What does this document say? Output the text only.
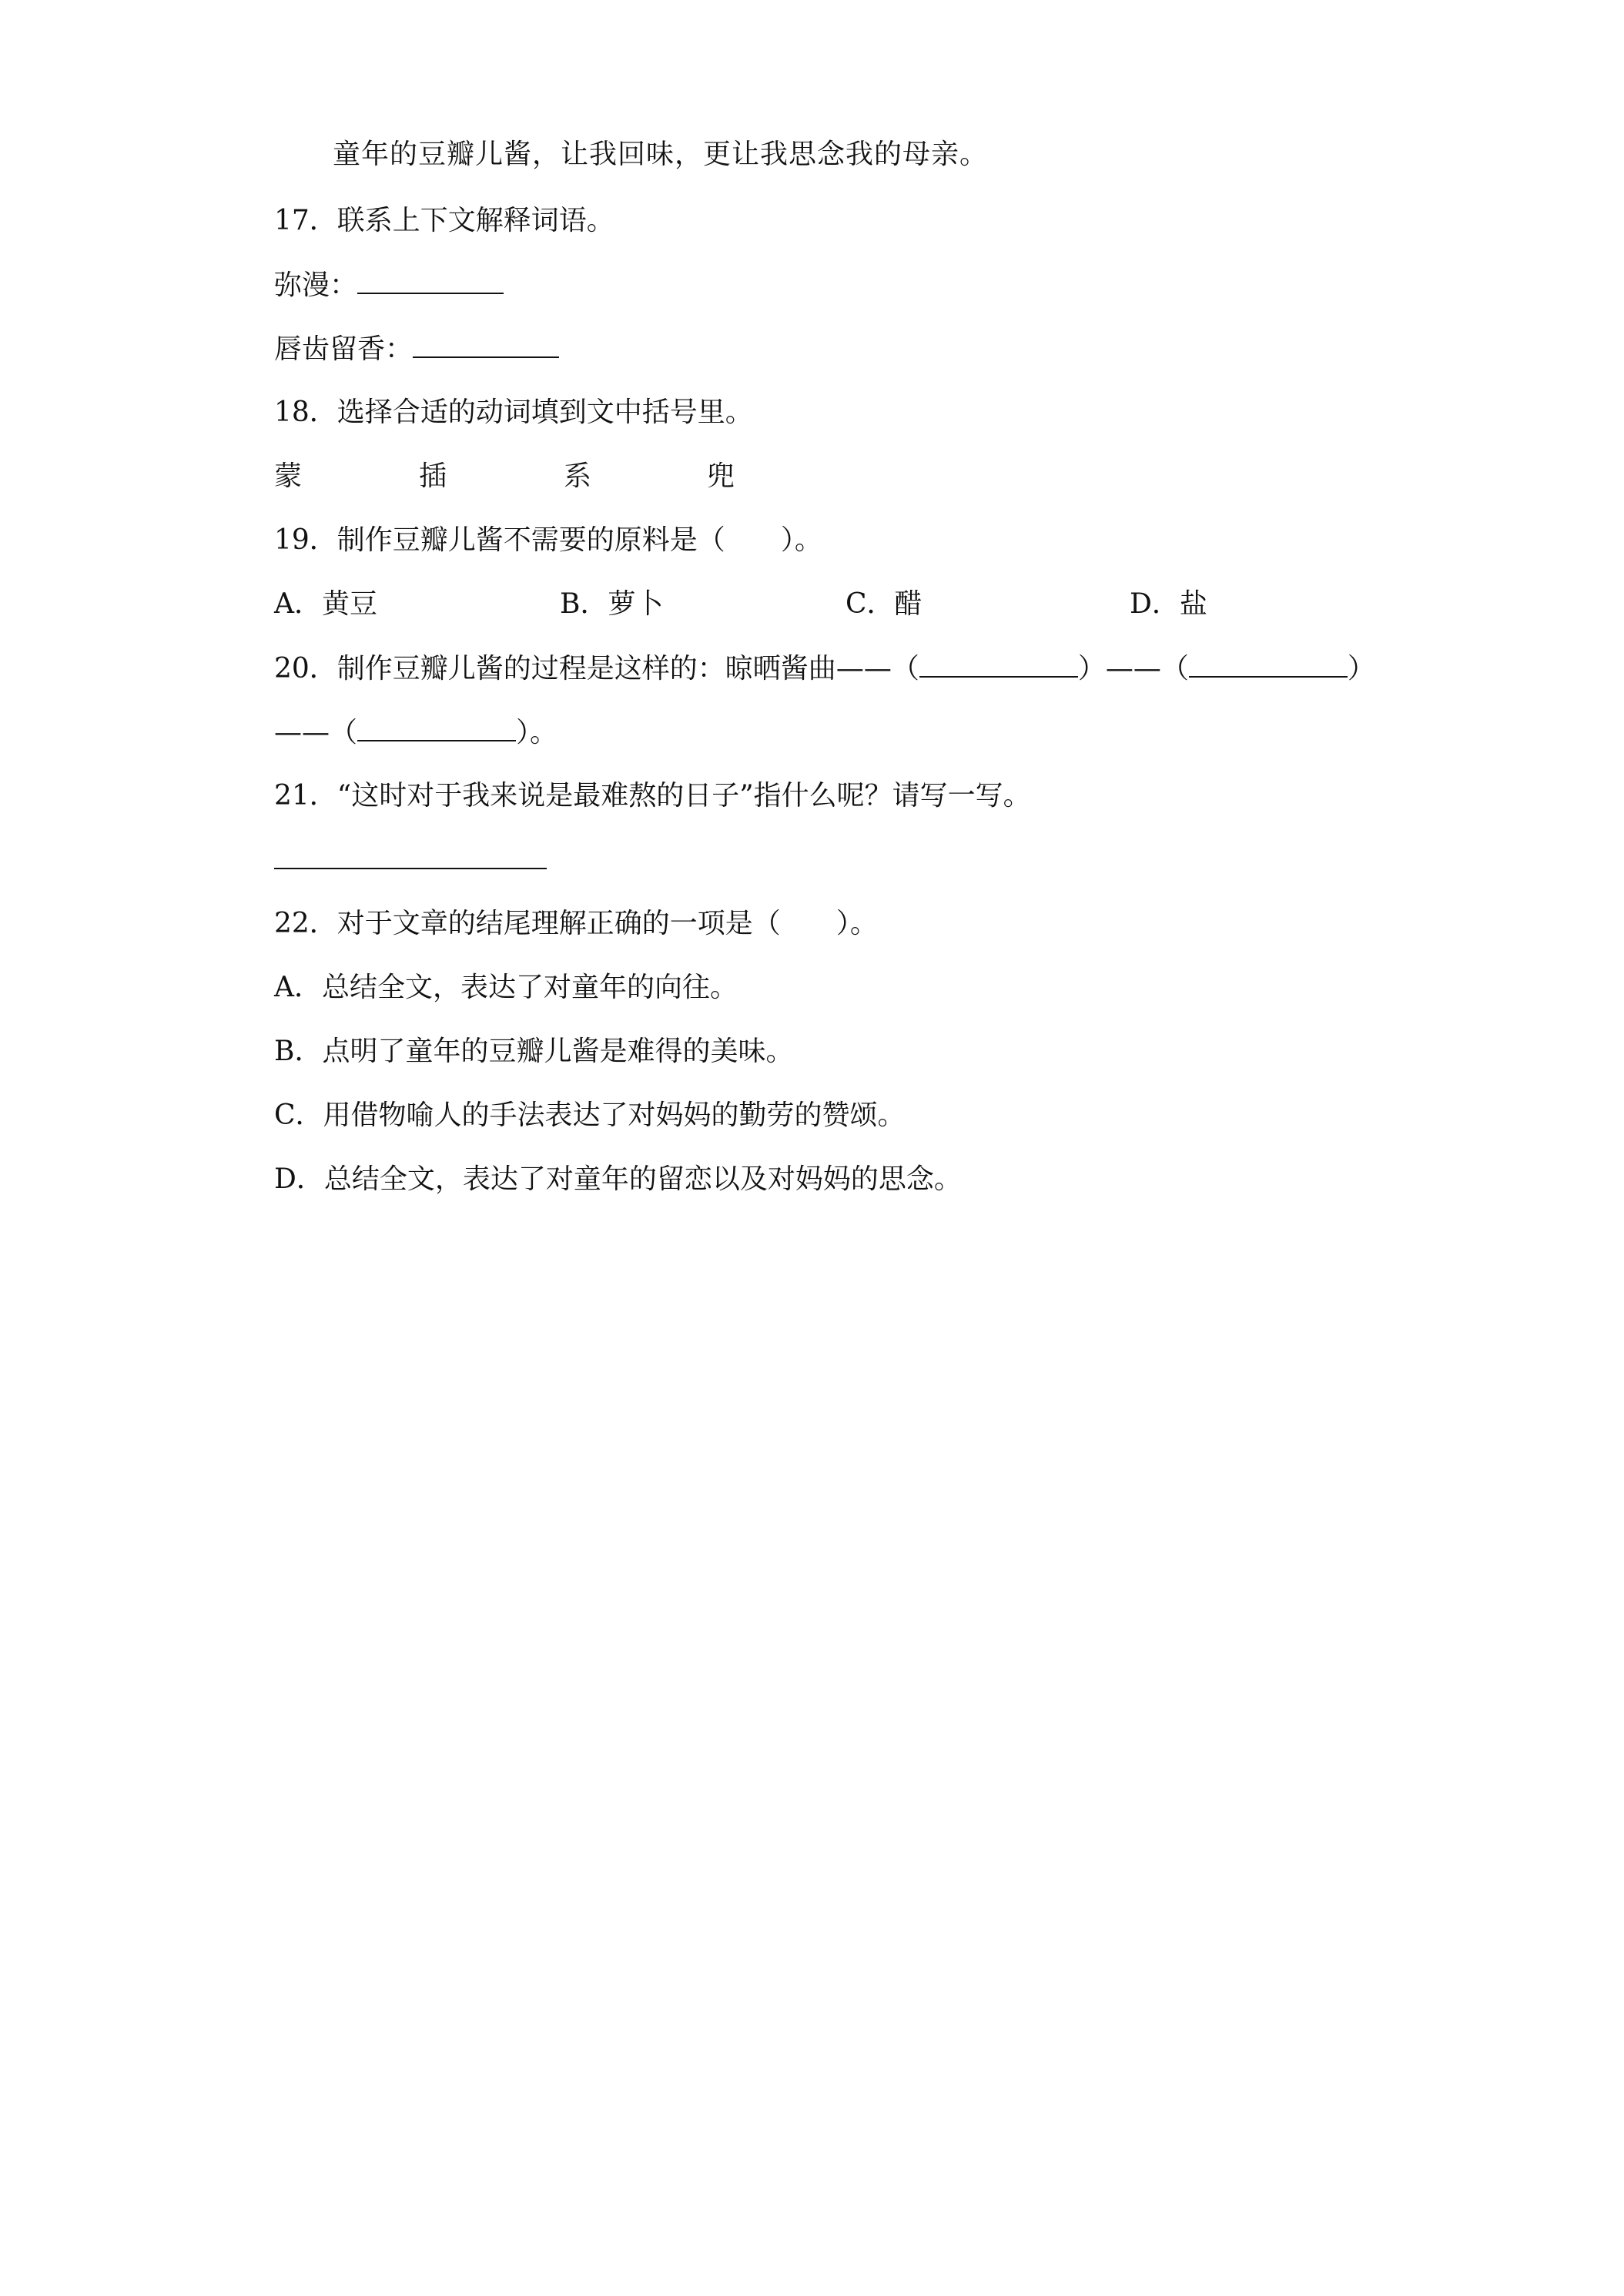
童年的豆瓣儿酱，让我回味，更让我思念我的母亲。
17．联系上下文解释词语。
弥漫：
唇齿留香：
18．选择合适的动词填到文中括号里。
蒙	插	系	兜
19．制作豆瓣儿酱不需要的原料是（ ）。
A．黄豆	B．萝卜	C．醋	D．盐
20．制作豆瓣儿酱的过程是这样的：晾晒酱曲——（	）——（	）
——（	）。
21．“这时对于我来说是最难熬的日子”指什么呢？请写一写。
22．对于文章的结尾理解正确的一项是（ ）。
A．总结全文，表达了对童年的向往。
B．点明了童年的豆瓣儿酱是难得的美味。
C．用借物喻人的手法表达了对妈妈的勤劳的赞颂。
D．总结全文，表达了对童年的留恋以及对妈妈的思念。
